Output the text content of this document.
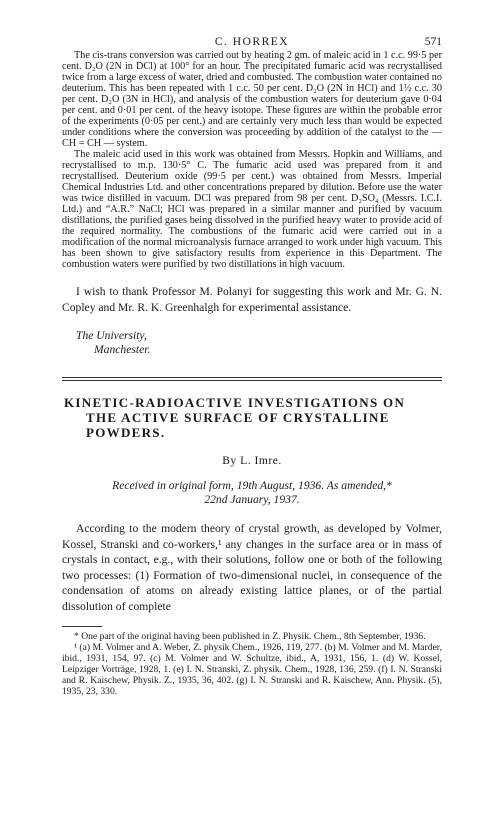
C. HORREX	571

The cis-trans conversion was carried out by heating 2 gm. of maleic acid in 1 c.c. 99·5 per cent. D₂O (2N in DCl) at 100° for an hour. The precipitated fumaric acid was recrystallised twice from a large excess of water, dried and combusted. The combustion water contained no deuterium. This has been repeated with 1 c.c. 50 per cent. D₂O (2N in HCl) and 1½ c.c. 30 per cent. D₂O (3N in HCl), and analysis of the combustion waters for deuterium gave 0·04 per cent. and 0·01 per cent. of the heavy isotope. These figures are within the probable error of the experiments (0·05 per cent.) and are certainly very much less than would be expected under conditions where the conversion was proceeding by addition of the catalyst to the — CH = CH — system.

The maleic acid used in this work was obtained from Messrs. Hopkin and Williams, and recrystallised to m.p. 130·5° C. The fumaric acid used was prepared from it and recrystallised. Deuterium oxide (99·5 per cent.) was obtained from Messrs. Imperial Chemical Industries Ltd. and other concentrations prepared by dilution. Before use the water was twice distilled in vacuum. DCl was prepared from 98 per cent. D₂SO₄ (Messrs. I.C.I. Ltd.) and “A.R.” NaCl; HCl was prepared in a similar manner and purified by vacuum distillations, the purified gases being dissolved in the purified heavy water to provide acid of the required normality. The combustions of the fumaric acid were carried out in a modification of the normal microanalysis furnace arranged to work under high vacuum. This has been shown to give satisfactory results from experience in this Department. The combustion waters were purified by two distillations in high vacuum.

I wish to thank Professor M. Polanyi for suggesting this work and Mr. G. N. Copley and Mr. R. K. Greenhalgh for experimental assistance.

The University,
Manchester.
KINETIC-RADIOACTIVE INVESTIGATIONS ON
THE ACTIVE SURFACE OF CRYSTALLINE
POWDERS.
By L. Imre.
Received in original form, 19th August, 1936. As amended,*
22nd January, 1937.

According to the modern theory of crystal growth, as developed by Volmer, Kossel, Stranski and co-workers,¹ any changes in the surface area or in mass of crystals in contact, e.g., with their solutions, follow one or both of the following two processes: (1) Formation of two-dimensional nuclei, in consequence of the condensation of atoms on already existing lattice planes, or of the partial dissolution of complete

* One part of the original having been published in Z. Physik. Chem., 8th September, 1936.

¹ (a) M. Volmer and A. Weber, Z. physik Chem., 1926, 119, 277. (b) M. Volmer and M. Marder, ibid., 1931, 154, 97. (c) M. Volmer and W. Schultze, ibid., A, 1931, 156, 1. (d) W. Kossel, Leipziger Vorträge, 1928, 1. (e) I. N. Stranski, Z. physik. Chem., 1928, 136, 259. (f) I. N. Stranski and R. Kaischew, Physik. Z., 1935, 36, 402. (g) I. N. Stranski and R. Kaischew, Ann. Physik. (5), 1935, 23, 330.
